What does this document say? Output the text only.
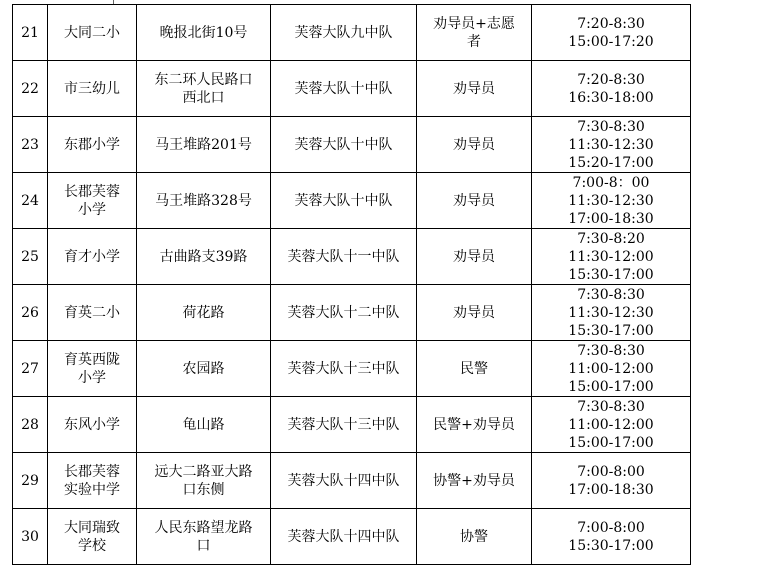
21	大同二小	晚报北街10号	芙蓉大队九中队	劝导员+志愿
者	7:20-8:30
15:00-17:20
22	市三幼儿	东二环人民路口
西北口	芙蓉大队十中队	劝导员	7:20-8:30
16:30-18:00
23	东郡小学	马王堆路201号	芙蓉大队十中队	劝导员	7:30-8:30
11:30-12:30
15:20-17:00
24	长郡芙蓉
小学	马王堆路328号	芙蓉大队十中队	劝导员	7:00-8：00
11:30-12:30
17:00-18:30
25	育才小学	古曲路支39路	芙蓉大队十一中队	劝导员	7:30-8:20
11:30-12:00
15:30-17:00
26	育英二小	荷花路	芙蓉大队十二中队	劝导员	7:30-8:30
11:30-12:30
15:30-17:00
27	育英西陇
小学	农园路	芙蓉大队十三中队	民警	7:30-8:30
11:00-12:00
15:00-17:00
28	东风小学	龟山路	芙蓉大队十三中队	民警+劝导员	7:30-8:30
11:00-12:00
15:00-17:00
29	长郡芙蓉
实验中学	远大二路亚大路
口东侧	芙蓉大队十四中队	协警+劝导员	7:00-8:00
17:00-18:30
30	大同瑞致
学校	人民东路望龙路
口	芙蓉大队十四中队	协警	7:00-8:00
15:30-17:00
